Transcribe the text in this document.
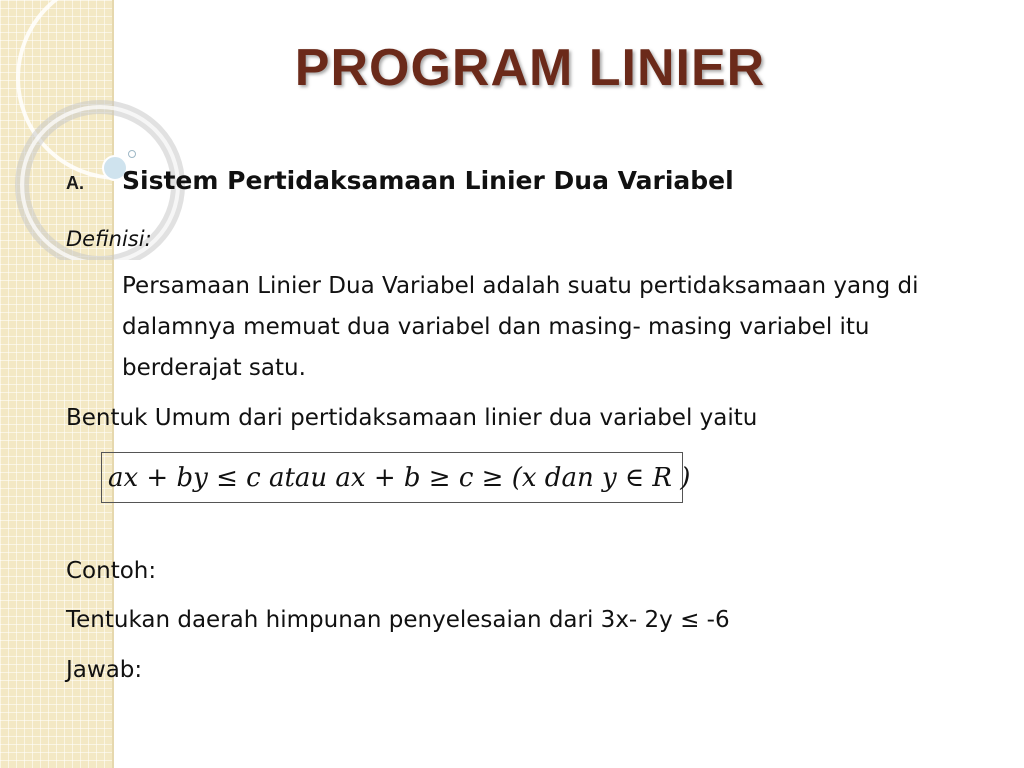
PROGRAM LINIER
A.	Sistem Pertidaksamaan Linier Dua Variabel

Definisi:

Persamaan Linier Dua Variabel adalah suatu pertidaksamaan yang di dalamnya memuat dua variabel dan masing- masing variabel itu berderajat satu.

Bentuk Umum dari pertidaksamaan linier dua variabel yaitu

ax + by ≤ c atau ax + b ≥ c ≥ (x dan y ∈ R )

Contoh:

Tentukan daerah himpunan penyelesaian dari 3x- 2y ≤ -6

Jawab:
